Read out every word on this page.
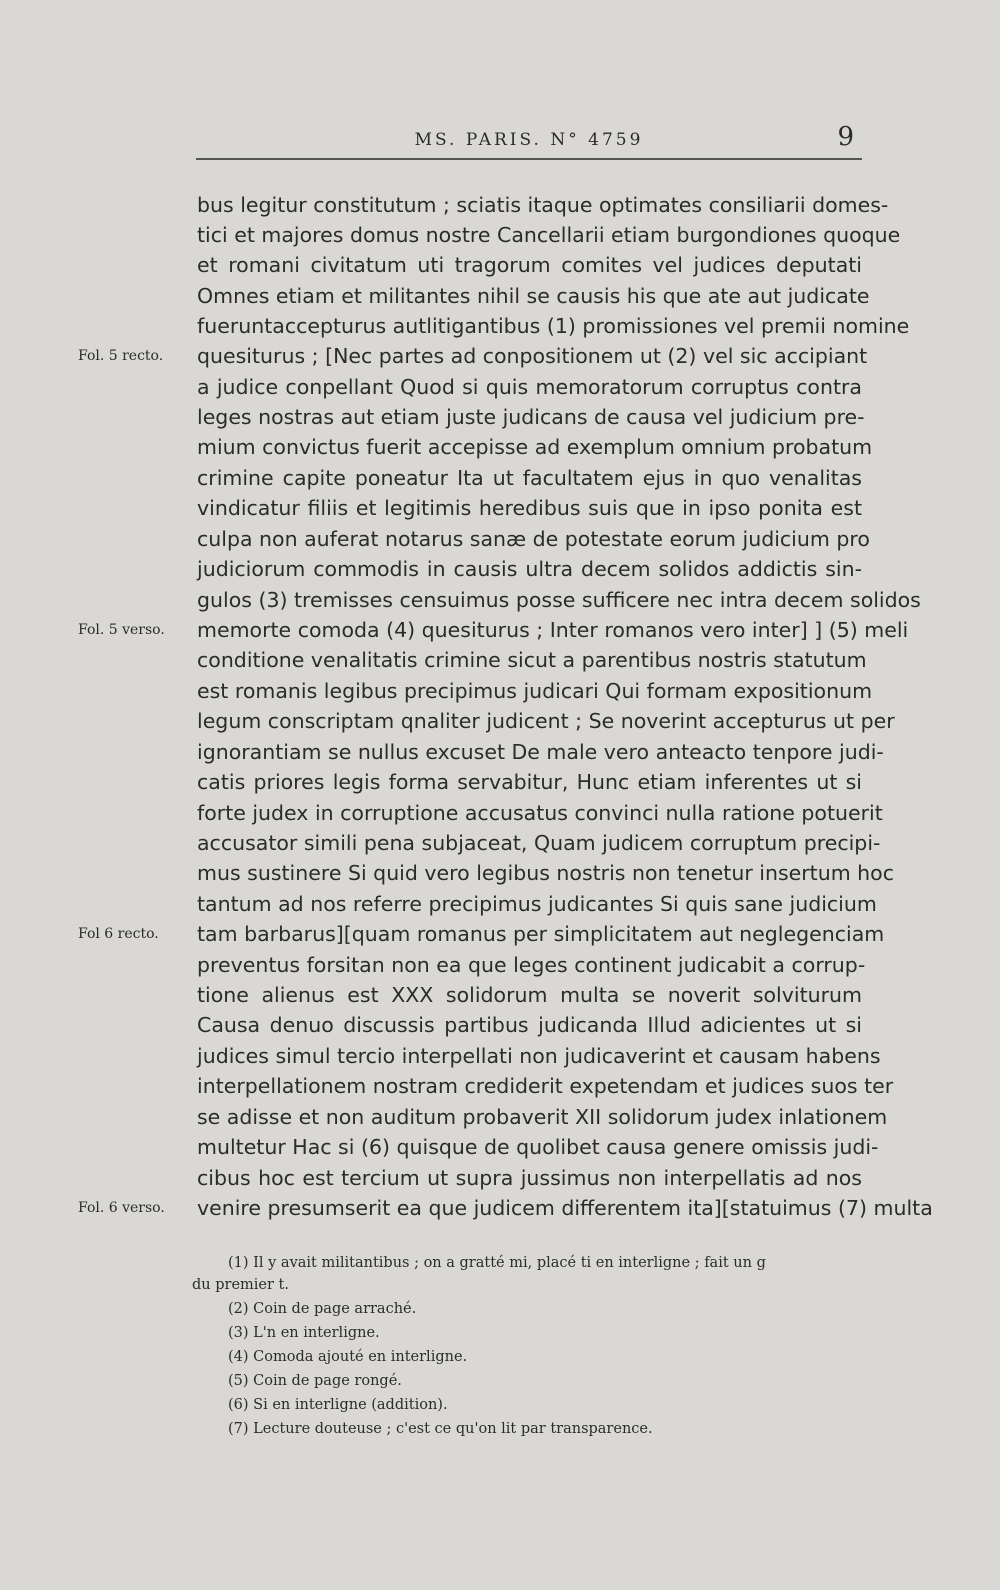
MS. PARIS. N° 4759	9
bus legitur constitutum ; sciatis itaque optimates consiliarii domes-
tici et majores domus nostre Cancellarii etiam burgondiones quoque
et romani civitatum uti tragorum comites vel judices deputati
Omnes etiam et militantes nihil se causis his que ate aut judicate
fueruntaccepturus autlitigantibus (1) promissiones vel premii nomine
quesiturus ; [Nec partes ad conpositionem ut (2) vel sic accipiant
a judice conpellant Quod si quis memoratorum corruptus contra
leges nostras aut etiam juste judicans de causa vel judicium pre-
mium convictus fuerit accepisse ad exemplum omnium probatum
crimine capite poneatur Ita ut facultatem ejus in quo venalitas
vindicatur filiis et legitimis heredibus suis que in ipso ponita est
culpa non auferat notarus sanæ de potestate eorum judicium pro
judiciorum commodis in causis ultra decem solidos addictis sin-
gulos (3) tremisses censuimus posse sufficere nec intra decem solidos
memorte comoda (4) quesiturus ; Inter romanos vero inter] ] (5) meli
conditione venalitatis crimine sicut a parentibus nostris statutum
est romanis legibus precipimus judicari Qui formam expositionum
legum conscriptam qnaliter judicent ; Se noverint accepturus ut per
ignorantiam se nullus excuset De male vero anteacto tenpore judi-
catis priores legis forma servabitur, Hunc etiam inferentes ut si
forte judex in corruptione accusatus convinci nulla ratione potuerit
accusator simili pena subjaceat, Quam judicem corruptum precipi-
mus sustinere Si quid vero legibus nostris non tenetur insertum hoc
tantum ad nos referre precipimus judicantes Si quis sane judicium
tam barbarus][quam romanus per simplicitatem aut neglegenciam
preventus forsitan non ea que leges continent judicabit a corrup-
tione alienus est XXX solidorum multa se noverit solviturum
Causa denuo discussis partibus judicanda Illud adicientes ut si
judices simul tercio interpellati non judicaverint et causam habens
interpellationem nostram crediderit expetendam et judices suos ter
se adisse et non auditum probaverit XII solidorum judex inlationem
multetur Hac si (6) quisque de quolibet causa genere omissis judi-
cibus hoc est tercium ut supra jussimus non interpellatis ad nos
venire presumserit ea que judicem differentem ita][statuimus (7) multa
Fol. 5 recto.
Fol. 5 verso.
Fol 6 recto.
Fol. 6 verso.
(1) Il y avait militantibus ; on a gratté mi, placé ti en interligne ; fait un g
du premier t.
(2) Coin de page arraché.
(3) L'n en interligne.
(4) Comoda ajouté en interligne.
(5) Coin de page rongé.
(6) Si en interligne (addition).
(7) Lecture douteuse ; c'est ce qu'on lit par transparence.
